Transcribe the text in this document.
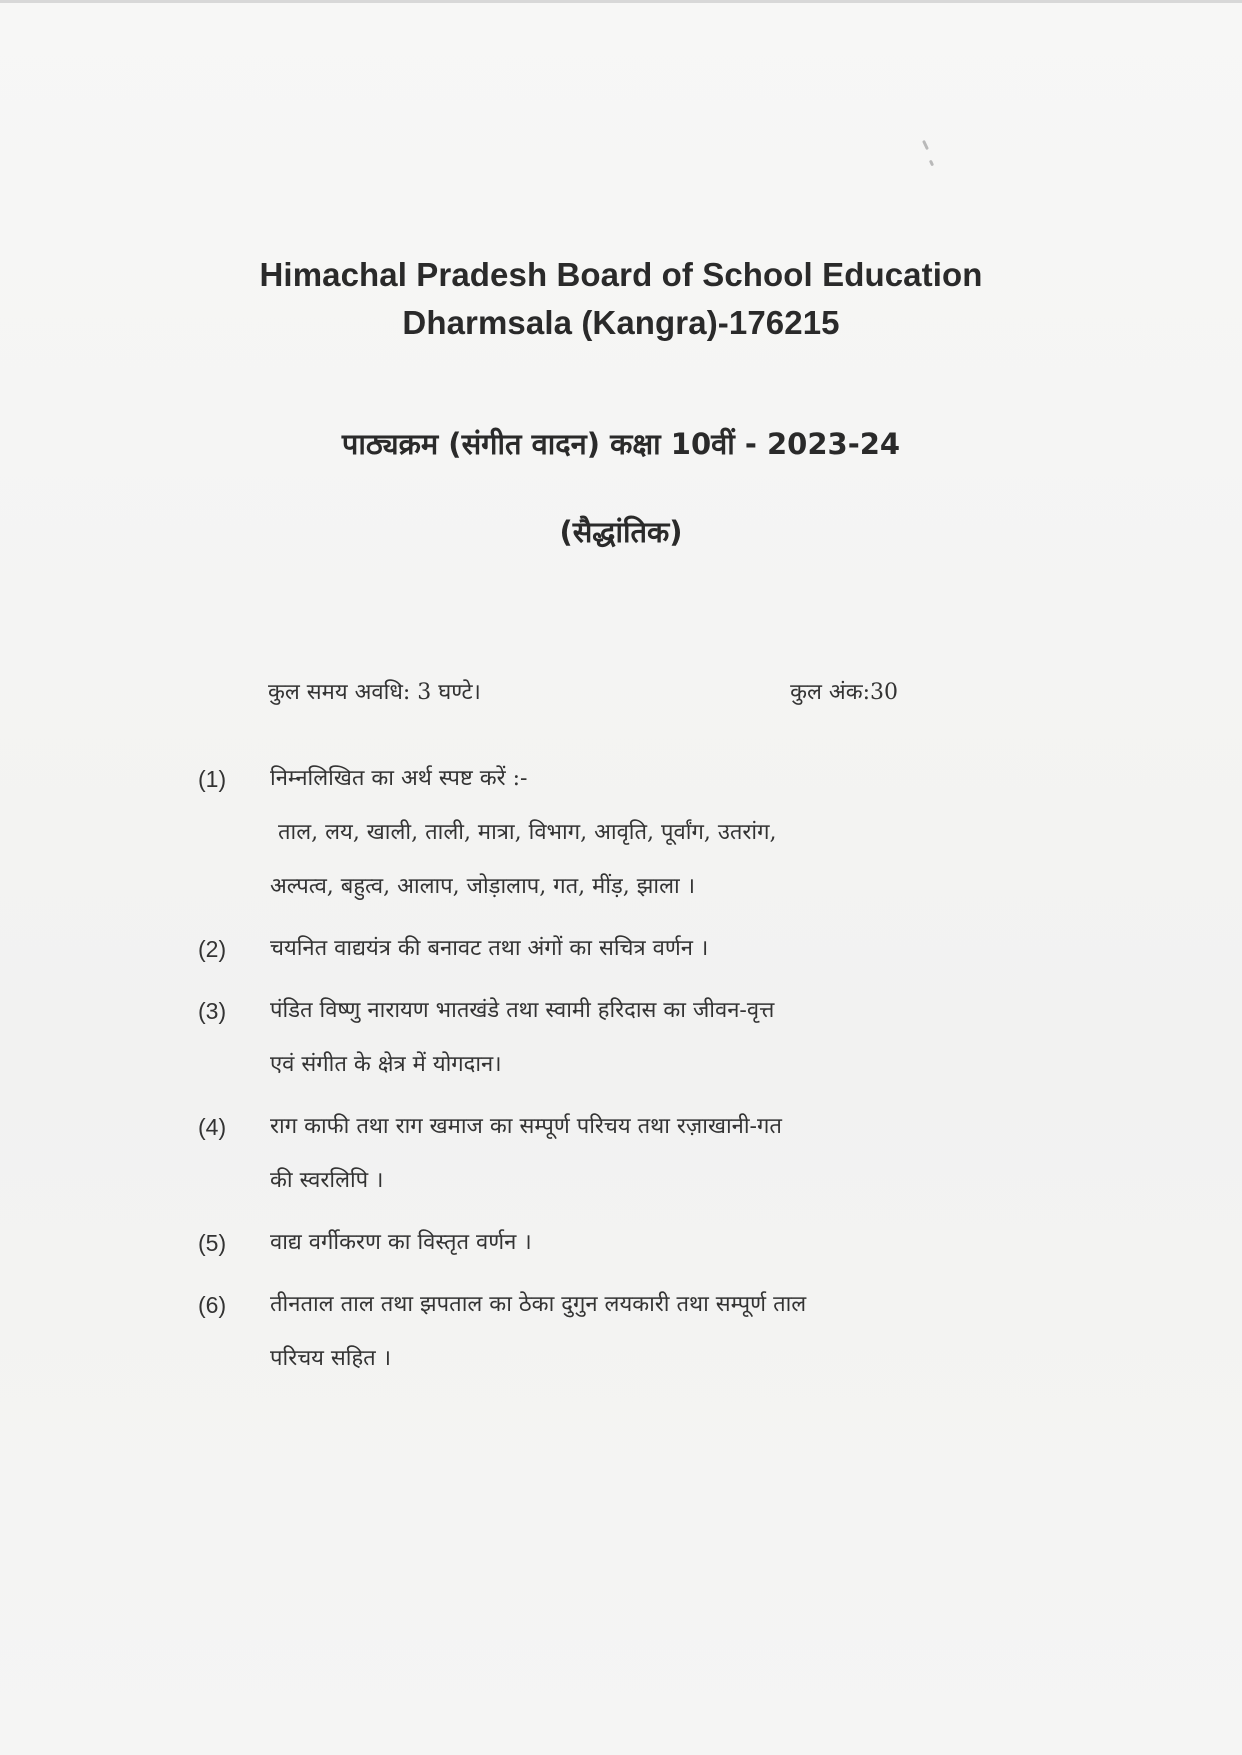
Himachal Pradesh Board of School Education
Dharmsala (Kangra)-176215
पाठ्यक्रम (संगीत वादन) कक्षा 10वीं - 2023-24
(सैद्धांतिक)
कुल समय अवधि: 3 घण्टे।	कुल अंक:30
(1) निम्नलिखित का अर्थ स्पष्ट करें :-
ताल, लय, खाली, ताली, मात्रा, विभाग, आवृति, पूर्वांग, उतरांग,
अल्पत्व, बहुत्व, आलाप, जोड़ालाप, गत, मींड़, झाला ।
(2) चयनित वाद्ययंत्र की बनावट तथा अंगों का सचित्र वर्णन ।
(3) पंडित विष्णु नारायण भातखंडे तथा स्वामी हरिदास का जीवन-वृत्त
एवं संगीत के क्षेत्र में योगदान।
(4) राग काफी तथा राग खमाज का सम्पूर्ण परिचय तथा रज़ाखानी-गत
की स्वरलिपि ।
(5) वाद्य वर्गीकरण का विस्तृत वर्णन ।
(6) तीनताल ताल तथा झपताल का ठेका दुगुन लयकारी तथा सम्पूर्ण ताल
परिचय सहित ।
